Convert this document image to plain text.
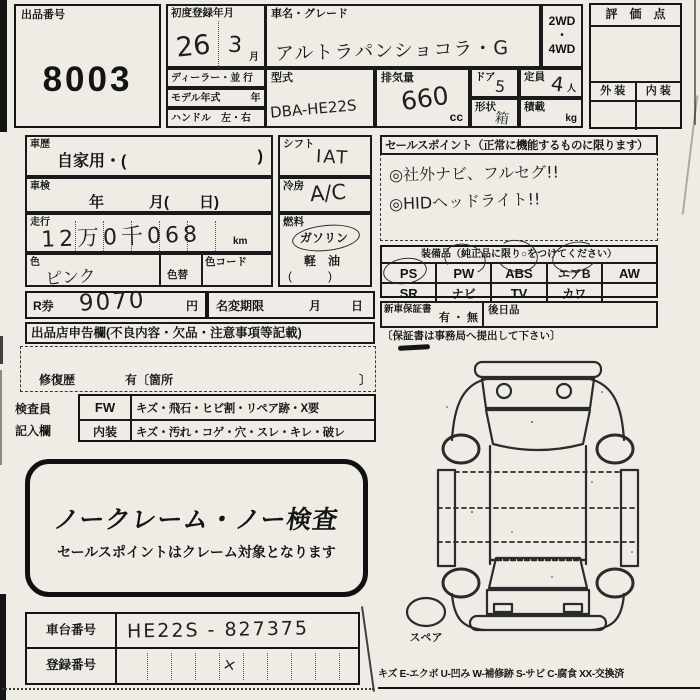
出品番号
8003
初度登録年月
26 3 月
ディーラー・並 行
モデル年式　　　年
ハンドル　左・右
車名・グレード
アルトラパンショコラ・G
2WD
・
4WD
型式
DBA-HE22S
排気量
660
cc
ドア
5
形状
箱
定員 4 人
積載
kg
評　価　点
外 装 内 装
車歴
自家用・(	)
車検
年　　　月(　　日)
走行
12万0千068	km
色
ピンク	色替
色コード
R券 9070	円 名変期限	月 日
出品店申告欄(不良内容・欠品・注意事項等記載)
修復歴	有〔箇所	〕
検査員
記入欄
FW	キズ・飛石・ヒビ割・リペア跡・X要
内装	キズ・汚れ・コゲ・穴・スレ・キレ・破レ
シフト
IAT
冷房 A/C
燃料
ガソリン
軽　油
(　　　)
セールスポイント（正常に機能するものに限ります）
◎社外ナビ、フルセグ!!
◎HIDヘッドライト!!
装備品（純正品に限り○をつけてください）
PS	PW ABS エアB AW
SR	ナビ	TV	カワ
新車保証書
有 ・ 無
後日品
〔保証書は事務局へ提出して下さい〕
ノークレーム・ノー検査
セールスポイントはクレーム対象となります
車台番号 HE22S - 827375
登録番号	×	キズ E-エクボ U-凹み W-補修跡 S-サビ C-腐食 XX-交換済
スペア
